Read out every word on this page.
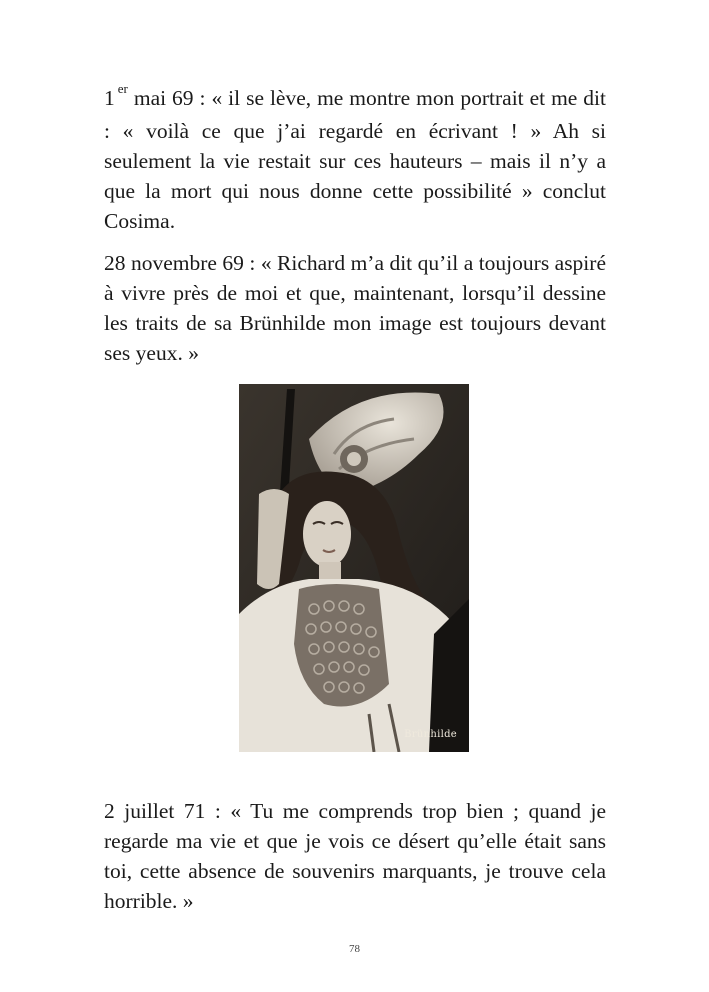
1 $^{er}$ mai 69 : « il se lève, me montre mon portrait et me dit : « voilà ce que j’ai regardé en écrivant ! » Ah si seulement la vie restait sur ces hauteurs – mais il n’y a que la mort qui nous donne cette possibilité » conclut Cosima.

28 novembre 69 : « Richard m’a dit qu’il a toujours aspiré à vivre près de moi et que, maintenant, lorsqu’il dessine les traits de sa Brünhilde mon image est toujours devant ses yeux. »

Brünhilde

2 juillet 71 : « Tu me comprends trop bien ; quand je regarde ma vie et que je vois ce désert qu’elle était sans toi, cette absence de souvenirs marquants, je trouve cela horrible. »

78
